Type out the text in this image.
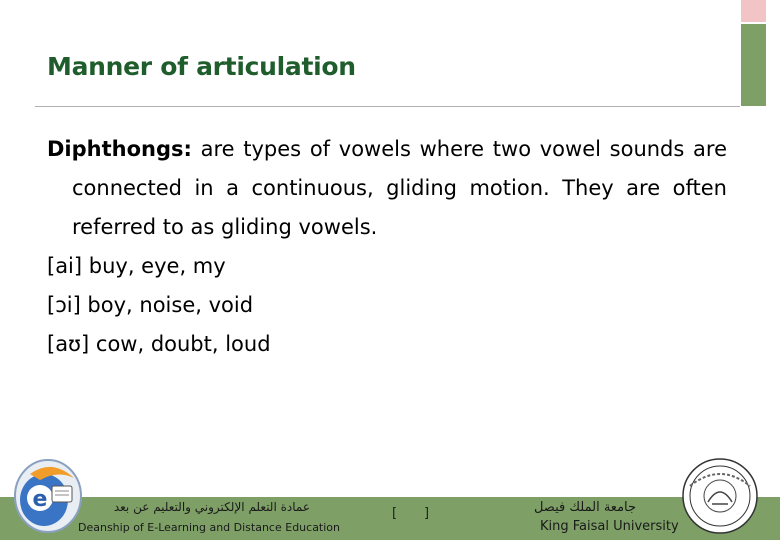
Manner of articulation
Diphthongs: are types of vowels where two vowel sounds are connected in a continuous, gliding motion. They are often referred to as gliding vowels.
[ai] buy, eye, my
[ɔi] boy, noise, void
[aʊ] cow, doubt, loud
e	عمادة التعلم الإلكتروني والتعليم عن بعد
Deanship of E-Learning and Distance Education
[ ]	جامعة الملك فيصل
King Faisal University
